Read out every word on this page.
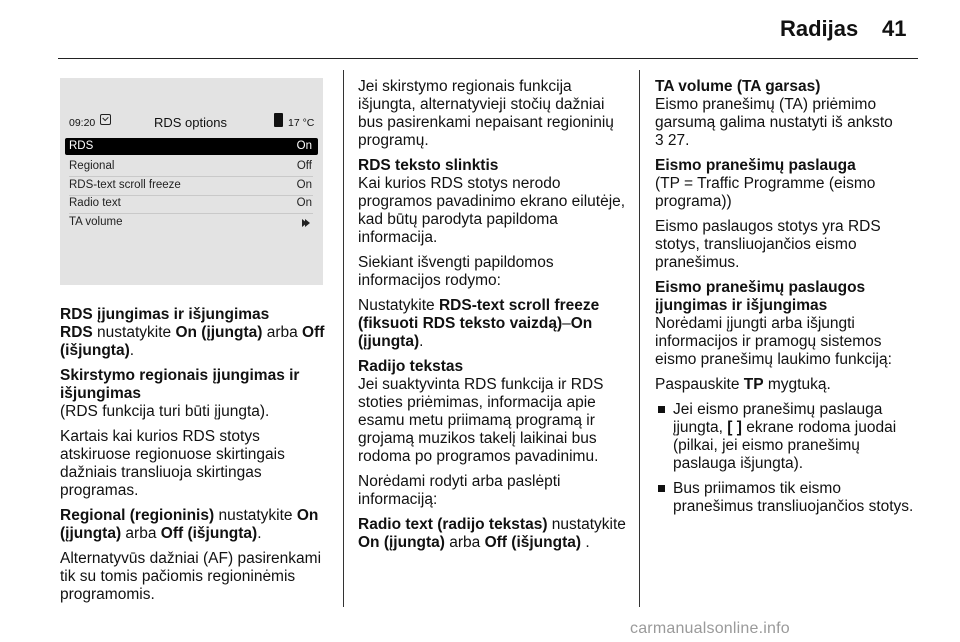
Radijas 41
09:20	RDS options	17 °C
RDS	On
Regional	Off
RDS-text scroll freeze	On
Radio text	On
TA volume

RDS įjungimas ir išjungimas

RDS nustatykite On (įjungta) arba Off (išjungta).

Skirstymo regionais įjungimas ir išjungimas

(RDS funkcija turi būti įjungta).

Kartais kai kurios RDS stotys atskiruose regionuose skirtingais dažniais transliuoja skirtingas programas.

Regional (regioninis) nustatykite On (įjungta) arba Off (išjungta).

Alternatyvūs dažniai (AF) pasirenkami tik su tomis pačiomis regioninėmis programomis.

Jei skirstymo regionais funkcija išjungta, alternatyvieji stočių dažniai bus pasirenkami nepaisant regioninių programų.

RDS teksto slinktis

Kai kurios RDS stotys nerodo programos pavadinimo ekrano eilutėje, kad būtų parodyta papildoma informacija.

Siekiant išvengti papildomos informacijos rodymo:

Nustatykite RDS-text scroll freeze (fiksuoti RDS teksto vaizdą)–On (įjungta).

Radijo tekstas

Jei suaktyvinta RDS funkcija ir RDS stoties priėmimas, informacija apie esamu metu priimamą programą ir grojamą muzikos takelį laikinai bus rodoma po programos pavadinimu.

Norėdami rodyti arba paslėpti informaciją:

Radio text (radijo tekstas) nustatykite On (įjungta) arba Off (išjungta) .

TA volume (TA garsas)

Eismo pranešimų (TA) priėmimo garsumą galima nustatyti iš anksto
3 27.

Eismo pranešimų paslauga

(TP = Traffic Programme (eismo programa))

Eismo paslaugos stotys yra RDS stotys, transliuojančios eismo pranešimus.

Eismo pranešimų paslaugos įjungimas ir išjungimas

Norėdami įjungti arba išjungti informacijos ir pramogų sistemos eismo pranešimų laukimo funkciją:

Paspauskite TP mygtuką.

Jei eismo pranešimų paslauga įjungta, [ ] ekrane rodoma juodai (pilkai, jei eismo pranešimų paslauga išjungta).
Bus priimamos tik eismo pranešimus transliuojančios stotys.
carmanualsonline.info
